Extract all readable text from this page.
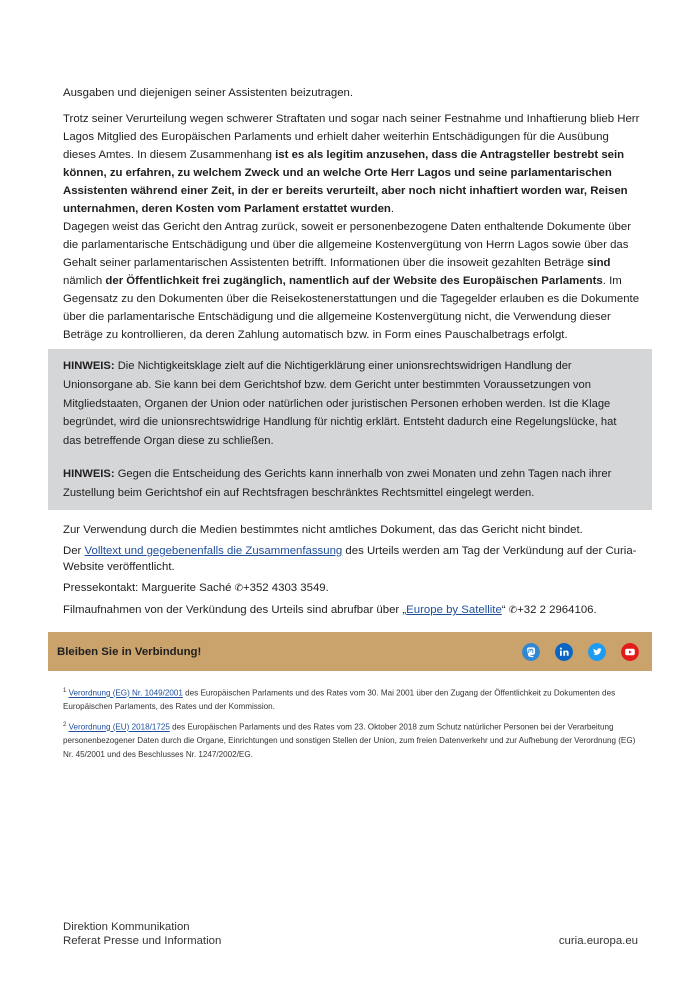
Ausgaben und diejenigen seiner Assistenten beizutragen.

Trotz seiner Verurteilung wegen schwerer Straftaten und sogar nach seiner Festnahme und Inhaftierung blieb Herr Lagos Mitglied des Europäischen Parlaments und erhielt daher weiterhin Entschädigungen für die Ausübung dieses Amtes. In diesem Zusammenhang ist es als legitim anzusehen, dass die Antragsteller bestrebt sein können, zu erfahren, zu welchem Zweck und an welche Orte Herr Lagos und seine parlamentarischen Assistenten während einer Zeit, in der er bereits verurteilt, aber noch nicht inhaftiert worden war, Reisen unternahmen, deren Kosten vom Parlament erstattet wurden.

Dagegen weist das Gericht den Antrag zurück, soweit er personenbezogene Daten enthaltende Dokumente über die parlamentarische Entschädigung und über die allgemeine Kostenvergütung von Herrn Lagos sowie über das Gehalt seiner parlamentarischen Assistenten betrifft. Informationen über die insoweit gezahlten Beträge sind nämlich der Öffentlichkeit frei zugänglich, namentlich auf der Website des Europäischen Parlaments. Im Gegensatz zu den Dokumenten über die Reisekostenerstattungen und die Tagegelder erlauben es die Dokumente über die parlamentarische Entschädigung und die allgemeine Kostenvergütung nicht, die Verwendung dieser Beträge zu kontrollieren, da deren Zahlung automatisch bzw. in Form eines Pauschalbetrags erfolgt.

HINWEIS: Die Nichtigkeitsklage zielt auf die Nichtigerklärung einer unionsrechtswidrigen Handlung der Unionsorgane ab. Sie kann bei dem Gerichtshof bzw. dem Gericht unter bestimmten Voraussetzungen von Mitgliedstaaten, Organen der Union oder natürlichen oder juristischen Personen erhoben werden. Ist die Klage begründet, wird die unionsrechtswidrige Handlung für nichtig erklärt. Entsteht dadurch eine Regelungslücke, hat das betreffende Organ diese zu schließen.

HINWEIS: Gegen die Entscheidung des Gerichts kann innerhalb von zwei Monaten und zehn Tagen nach ihrer Zustellung beim Gerichtshof ein auf Rechtsfragen beschränktes Rechtsmittel eingelegt werden.

Zur Verwendung durch die Medien bestimmtes nicht amtliches Dokument, das das Gericht nicht bindet.

Der Volltext und gegebenenfalls die Zusammenfassung des Urteils werden am Tag der Verkündung auf der Curia-Website veröffentlicht.

Pressekontakt: Marguerite Saché ✆+352 4303 3549.

Filmaufnahmen von der Verkündung des Urteils sind abrufbar über „Europe by Satellite“ ✆+32 2 2964106.

Bleiben Sie in Verbindung!

$^1$ Verordnung (EG) Nr. 1049/2001 des Europäischen Parlaments und des Rates vom 30. Mai 2001 über den Zugang der Öffentlichkeit zu Dokumenten des Europäischen Parlaments, des Rates und der Kommission.

$^2$ Verordnung (EU) 2018/1725 des Europäischen Parlaments und des Rates vom 23. Oktober 2018 zum Schutz natürlicher Personen bei der Verarbeitung personenbezogener Daten durch die Organe, Einrichtungen und sonstigen Stellen der Union, zum freien Datenverkehr und zur Aufhebung der Verordnung (EG) Nr. 45/2001 und des Beschlusses Nr. 1247/2002/EG.

Direktion Kommunikation
Referat Presse und Information	curia.europa.eu
